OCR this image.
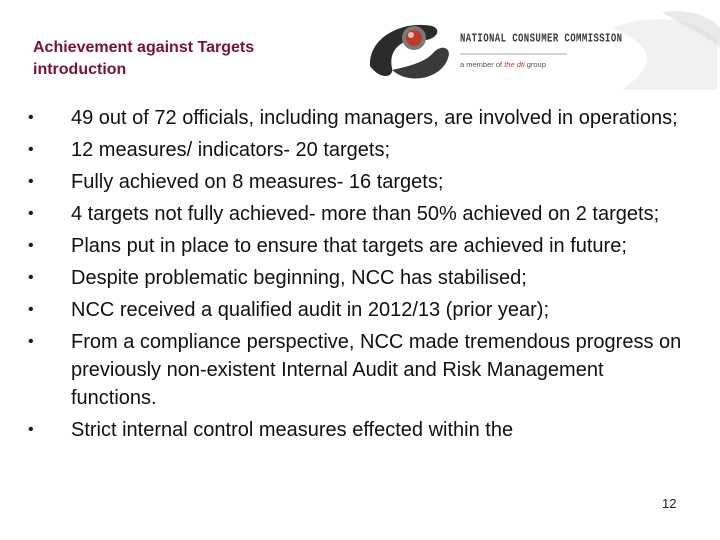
Achievement against Targets
introduction
NATIONAL CONSUMER COMMISSION
a member of the dti group
•	49 out of 72 officials, including managers, are involved in operations;
•	12 measures/ indicators- 20 targets;
•	Fully achieved on 8 measures- 16 targets;
•	4 targets not fully achieved- more than 50% achieved on 2 targets;
•	Plans put in place to ensure that targets are achieved in future;
•	Despite problematic beginning, NCC has stabilised;
•	NCC received a qualified audit in 2012/13 (prior year);
•	From a compliance perspective, NCC made tremendous progress on previously non-existent Internal Audit and Risk Management functions.
•	Strict internal control measures effected within the
12
